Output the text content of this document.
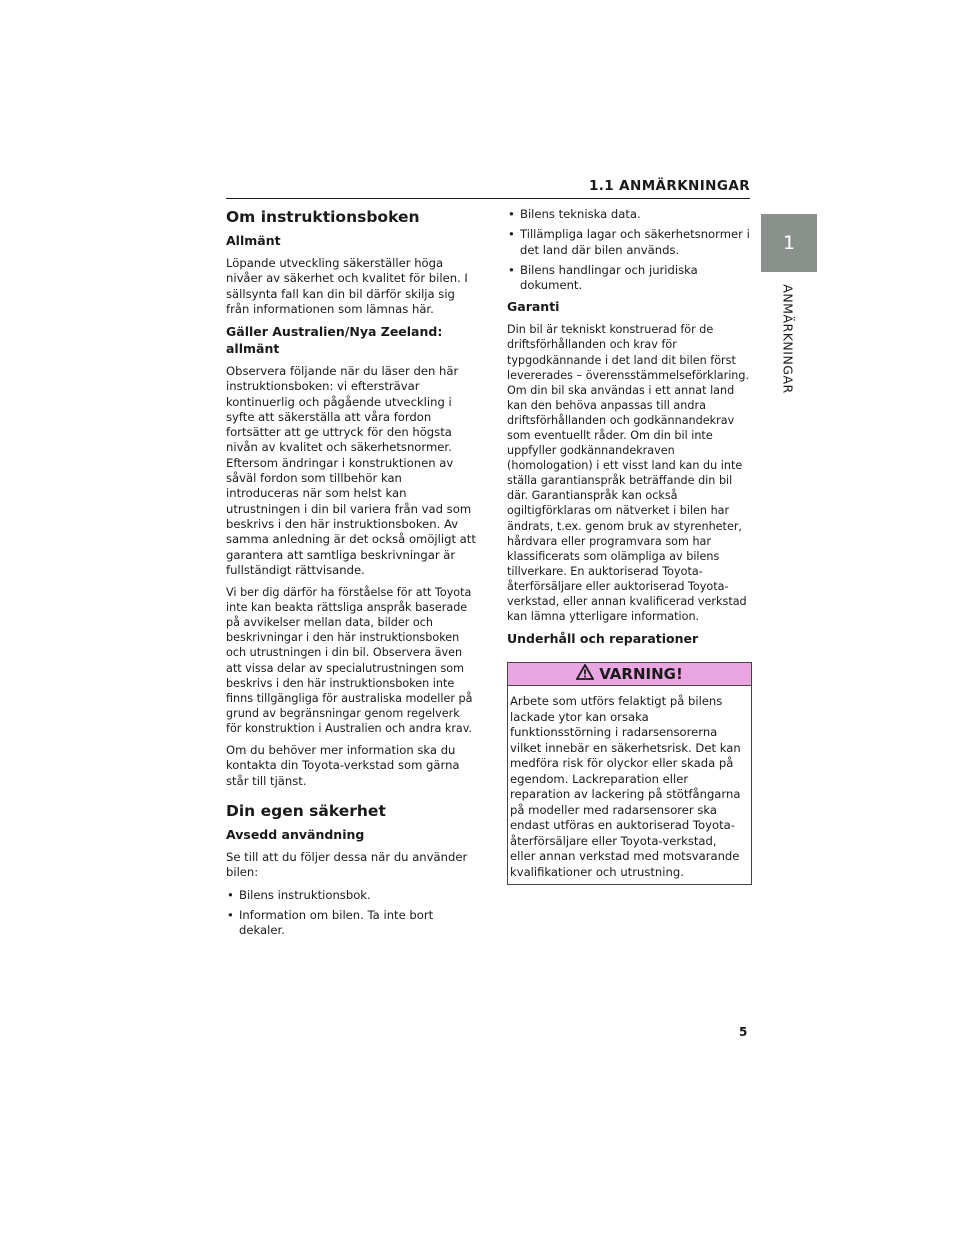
1.1 ANMÄRKNINGAR
1
ANMÄRKNINGAR
Om instruktionsboken
Allmänt

Löpande utveckling säkerställer höga nivåer av säkerhet och kvalitet för bilen. I sällsynta fall kan din bil därför skilja sig från informationen som lämnas här.

Gäller Australien/Nya Zeeland: allmänt

Observera följande när du läser den här instruktionsboken: vi eftersträvar kontinuerlig och pågående utveckling i syfte att säkerställa att våra fordon fortsätter att ge uttryck för den högsta nivån av kvalitet och säkerhetsnormer. Eftersom ändringar i konstruktionen av såväl fordon som tillbehör kan introduceras när som helst kan utrustningen i din bil variera från vad som beskrivs i den här instruktionsboken. Av samma anledning är det också omöjligt att garantera att samtliga beskrivningar är fullständigt rättvisande.

Vi ber dig därför ha förståelse för att Toyota inte kan beakta rättsliga anspråk baserade på avvikelser mellan data, bilder och beskrivningar i den här instruktionsboken och utrustningen i din bil. Observera även att vissa delar av specialutrustningen som beskrivs i den här instruktionsboken inte finns tillgängliga för australiska modeller på grund av begränsningar genom regelverk för konstruktion i Australien och andra krav.

Om du behöver mer information ska du kontakta din Toyota-verkstad som gärna står till tjänst.

Din egen säkerhet
Avsedd användning

Se till att du följer dessa när du använder bilen:

• Bilens instruktionsbok.
• Information om bilen. Ta inte bort dekaler.
• Bilens tekniska data.
• Tillämpliga lagar och säkerhetsnormer i det land där bilen används.
• Bilens handlingar och juridiska dokument.
Garanti

Din bil är tekniskt konstruerad för de driftsförhållanden och krav för typgodkännande i det land dit bilen först levererades – överensstämmelseförklaring. Om din bil ska användas i ett annat land kan den behöva anpassas till andra driftsförhållanden och godkännandekrav som eventuellt råder. Om din bil inte uppfyller godkännandekraven (homologation) i ett visst land kan du inte ställa garantianspråk beträffande din bil där. Garantianspråk kan också ogiltigförklaras om nätverket i bilen har ändrats, t.ex. genom bruk av styrenheter, hårdvara eller programvara som har klassificerats som olämpliga av bilens tillverkare. En auktoriserad Toyota-återförsäljare eller auktoriserad Toyota-verkstad, eller annan kvalificerad verkstad kan lämna ytterligare information.

Underhåll och reparationer
VARNING!

Arbete som utförs felaktigt på bilens lackade ytor kan orsaka funktionsstörning i radarsensorerna vilket innebär en säkerhetsrisk. Det kan medföra risk för olyckor eller skada på egendom. Lackreparation eller reparation av lackering på stötfångarna på modeller med radarsensorer ska endast utföras en auktoriserad Toyota-återförsäljare eller Toyota-verkstad, eller annan verkstad med motsvarande kvalifikationer och utrustning.

5
